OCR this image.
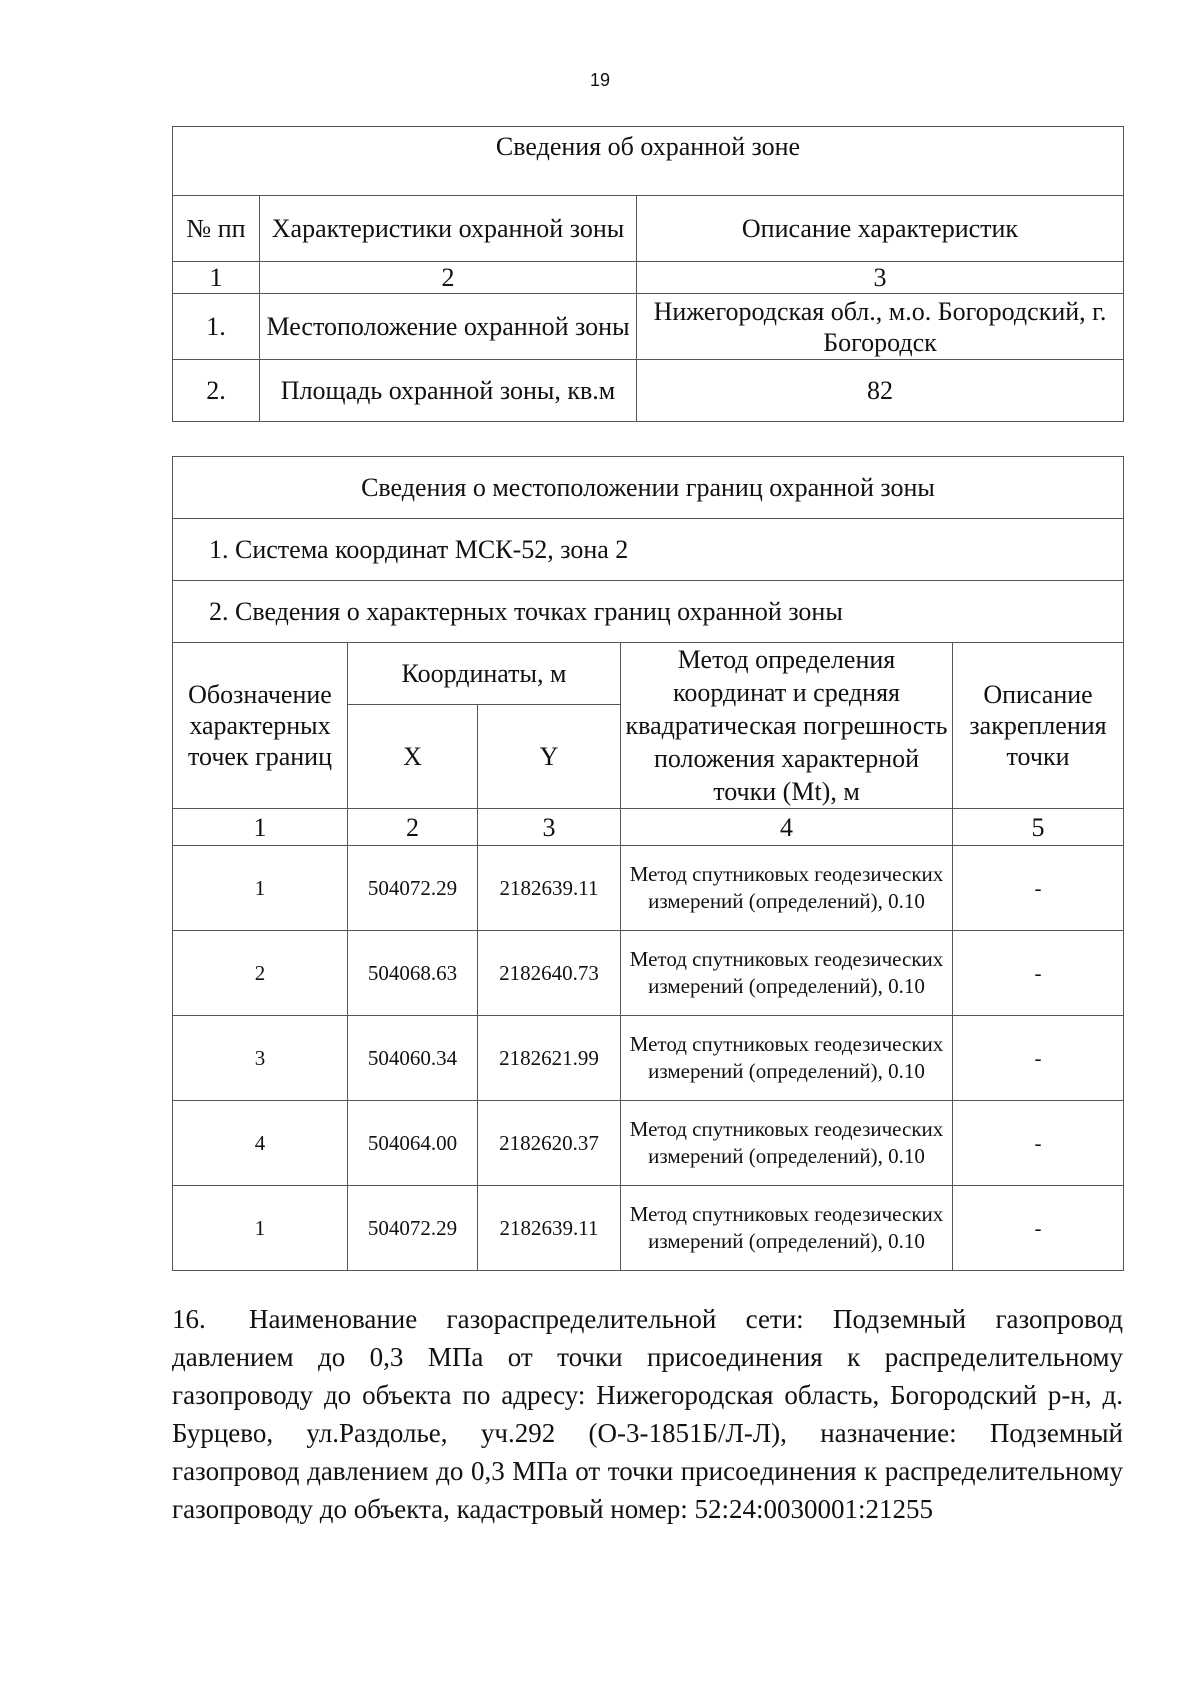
19
Сведения об охранной зоне		
№ пп	Характеристики охранной зоны	Описание характеристик
1	2	3
1.	Местоположение охранной зоны	Нижегородская обл., м.о. Богородский, г. Богородск
2.	Площадь охранной зоны, кв.м	82
Сведения о местоположении границ охранной зоны				
1. Система координат МСК-52, зона 2				
2. Сведения о характерных точках границ охранной зоны				
Обозначение характерных точек границ	Координаты, м		Метод определения координат и средняя квадратическая погрешность положения характерной точки (Mt), м	Описание закрепления точки
	X	Y		
1	2	3	4	5
1	504072.29	2182639.11	Метод спутниковых геодезических измерений (определений), 0.10	-
2	504068.63	2182640.73	Метод спутниковых геодезических измерений (определений), 0.10	-
3	504060.34	2182621.99	Метод спутниковых геодезических измерений (определений), 0.10	-
4	504064.00	2182620.37	Метод спутниковых геодезических измерений (определений), 0.10	-
1	504072.29	2182639.11	Метод спутниковых геодезических измерений (определений), 0.10	-
16. Наименование газораспределительной сети: Подземный газопровод давлением до 0,3 МПа от точки присоединения к распределительному газопроводу до объекта по адресу: Нижегородская область, Богородский р-н, д. Бурцево, ул.Раздолье, уч.292 (О-3-1851Б/Л-Л), назначение: Подземный газопровод давлением до 0,3 МПа от точки присоединения к распределительному газопроводу до объекта, кадастровый номер: 52:24:0030001:21255
